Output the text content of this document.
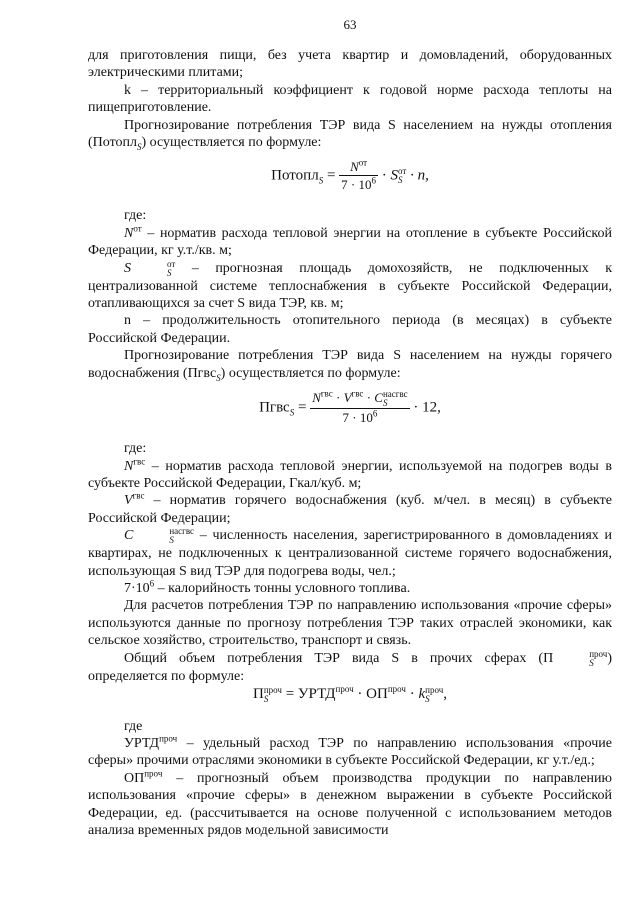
63

для приготовления пищи, без учета квартир и домовладений, оборудованных электрическими плитами;

k – территориальный коэффициент к годовой норме расхода теплоты на пищеприготовление.

Прогнозирование потребления ТЭР вида S населением на нужды отопления (Потопл$_S$) осуществляется по формуле:

Потопл$_S$ = $\frac{N^{от}}{7 \cdot 10^6} \cdot S$ от
S · n,

где:

$N^{от}$ – норматив расхода тепловой энергии на отопление в субъекте Российской Федерации, кг у.т./кв. м;

S	от
S – прогнозная площадь домохозяйств, не подключенных к централизованной системе теплоснабжения в субъекте Российской Федерации, отапливающихся за счет S вида ТЭР, кв. м;

n – продолжительность отопительного периода (в месяцах) в субъекте Российской Федерации.

Прогнозирование потребления ТЭР вида S населением на нужды горячего водоснабжения (Пгвс$_S$) осуществляется по формуле:

Пгвс$_S$ = $N^{гвс} \cdot V^{гвс} \cdot C$ насгвс
S
$7 \cdot 10^6 \cdot 12$,

где:

$N^{гвс}$ – норматив расхода тепловой энергии, используемой на подогрев воды в субъекте Российской Федерации, Гкал/куб. м;

$V^{гвс}$ – норматив горячего водоснабжения (куб. м/чел. в месяц) в субъекте Российской Федерации;

C	насгвс
S	– численность населения, зарегистрированного в домовладениях и квартирах, не подключенных к централизованной системе горячего водоснабжения, использующая S вид ТЭР для подогрева воды, чел.;

$7\cdot 10^6$ – калорийность тонны условного топлива.

Для расчетов потребления ТЭР по направлению использования «прочие сферы» используются данные по прогнозу потребления ТЭР таких отраслей экономики, как сельское хозяйство, строительство, транспорт и связь.

Общий объем потребления ТЭР вида S в прочих сферах (П	проч
S ) определяется по формуле:

П проч
$S = УРТД^{проч} \cdot ОП^{проч} \cdot k$ проч
S ,

где

$УРТД^{проч}$ – удельный расход ТЭР по направлению использования «прочие сферы» прочими отраслями экономики в субъекте Российской Федерации, кг у.т./ед.;

$ОП^{проч}$ – прогнозный объем производства продукции по направлению использования «прочие сферы» в денежном выражении в субъекте Российской Федерации, ед. (рассчитывается на основе полученной с использованием методов анализа временных рядов модельной зависимости
